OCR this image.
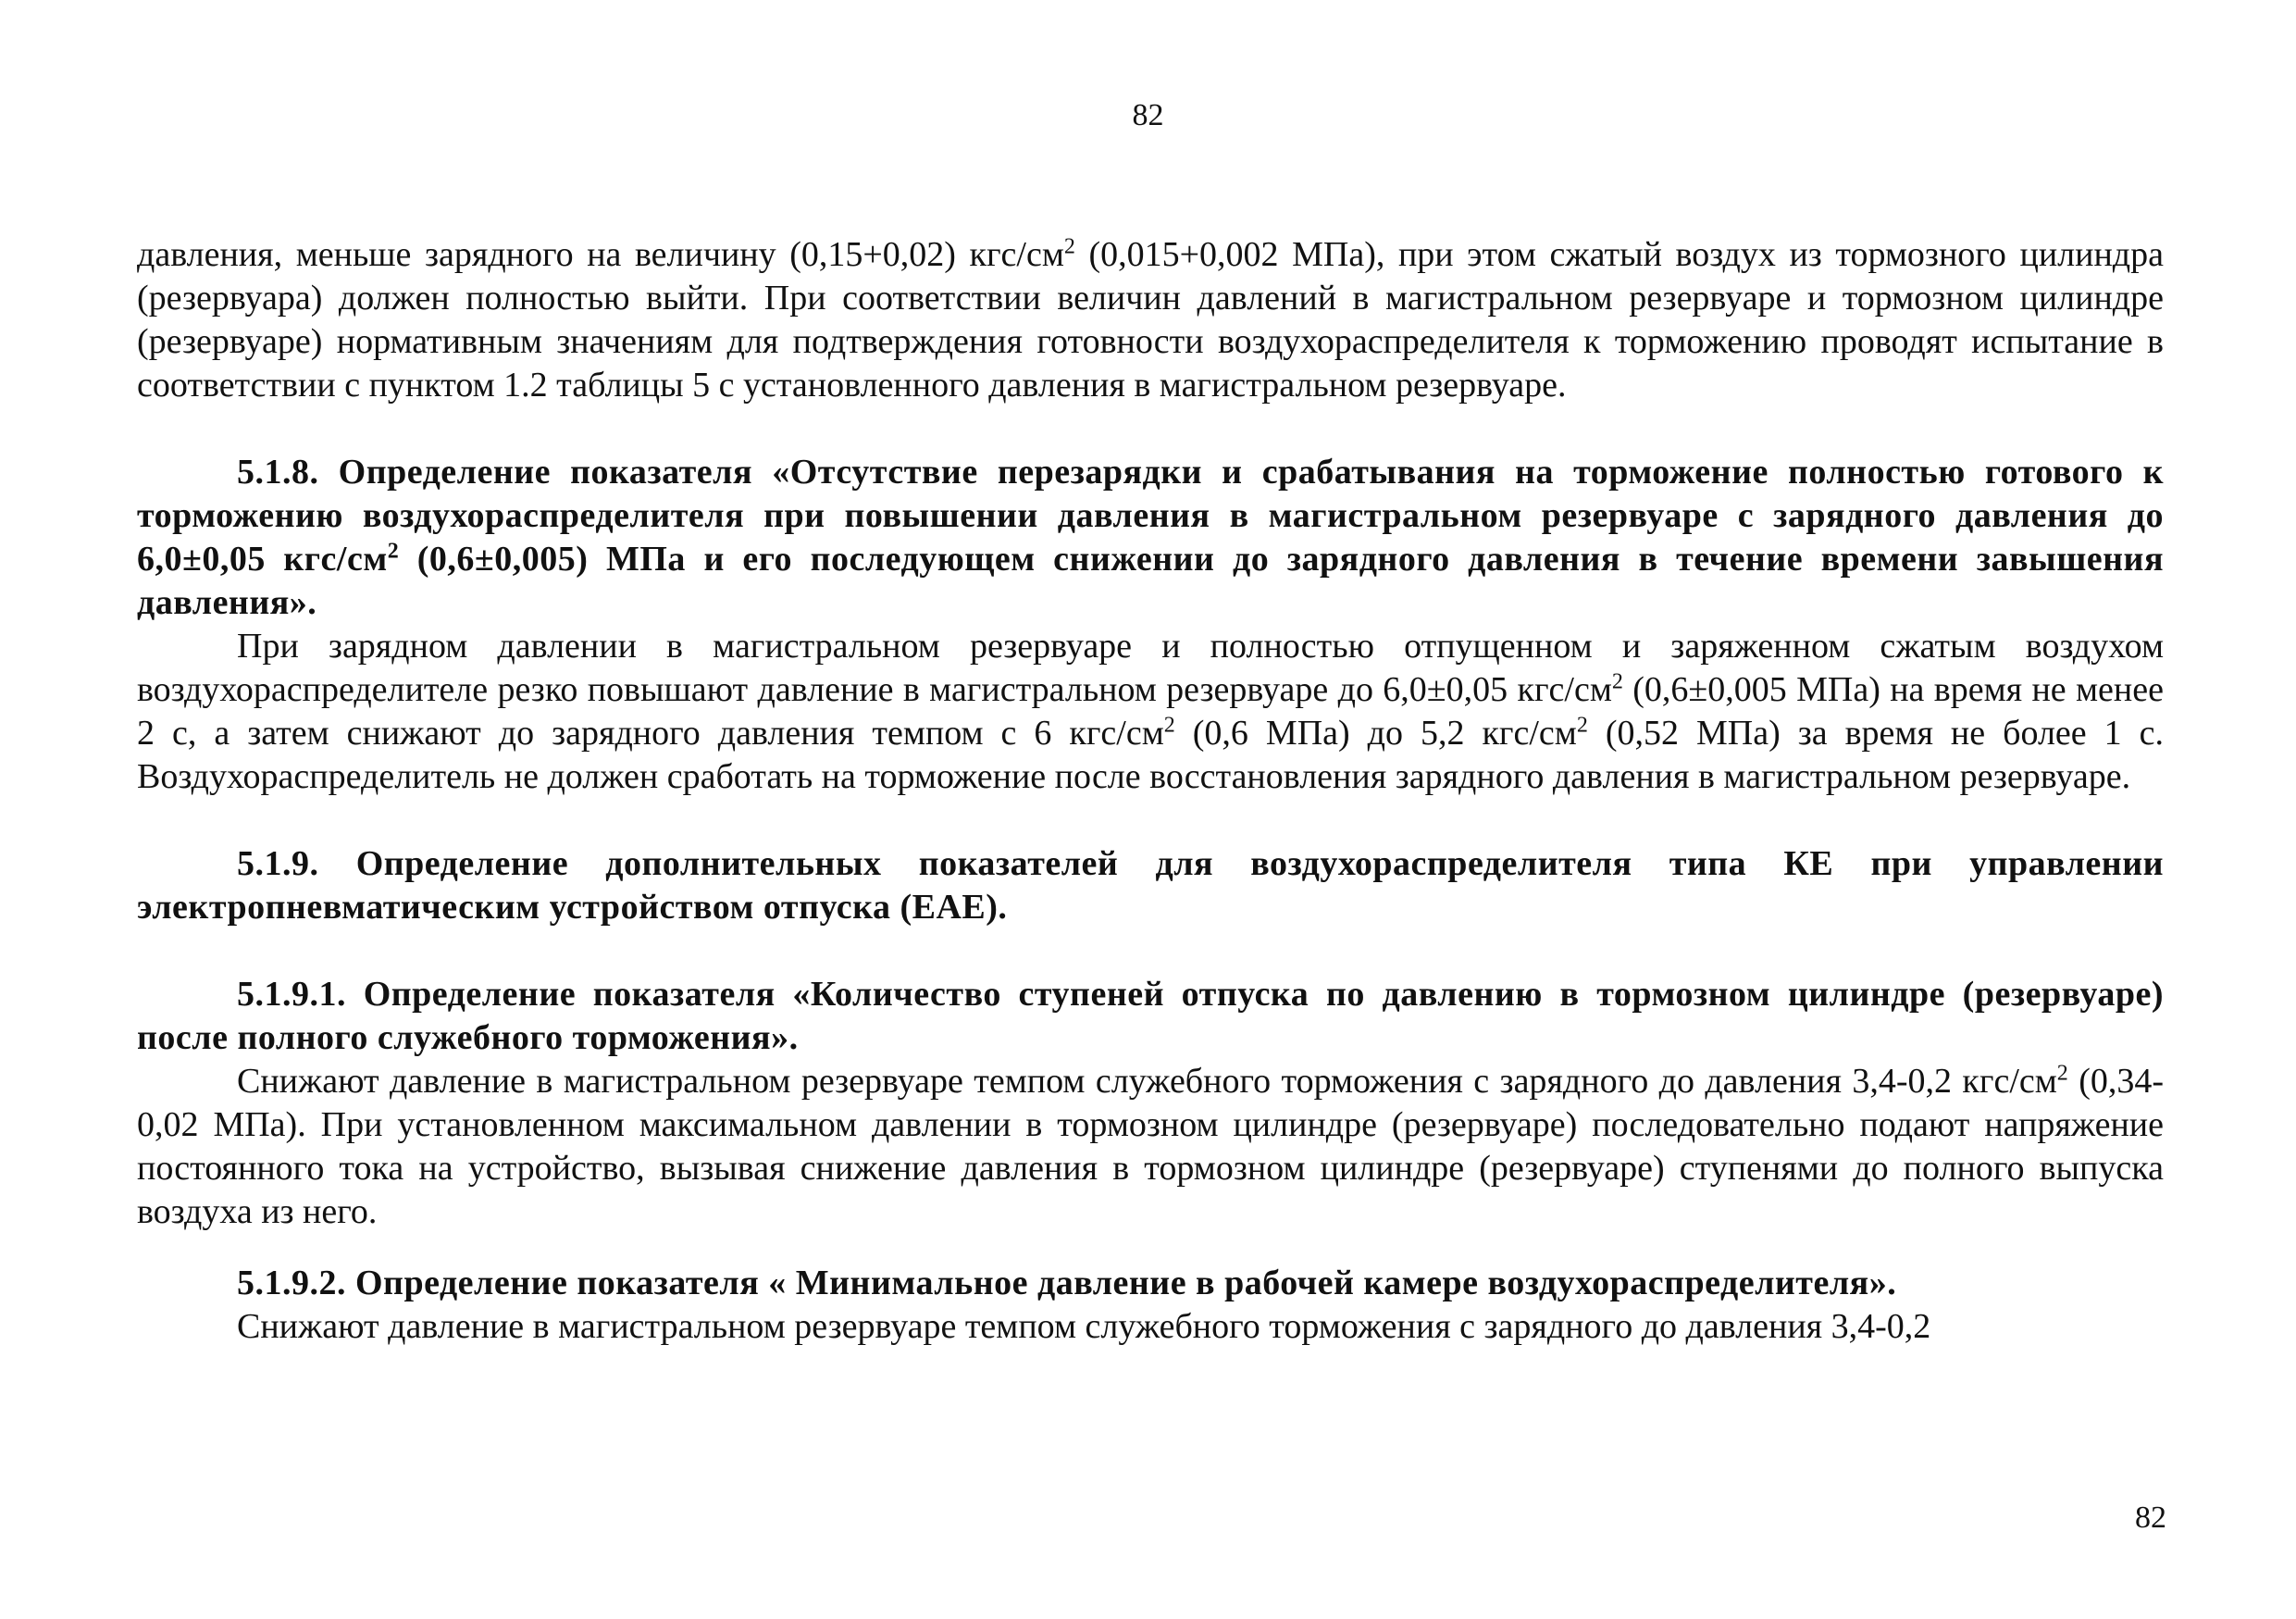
82

давления, меньше зарядного на величину (0,15+0,02) кгс/$см^2$ (0,015+0,002 МПа), при этом сжатый воздух из тормозного цилиндра (резервуара) должен полностью выйти. При соответствии величин давлений в магистральном резервуаре и тормозном цилиндре (резервуаре) нормативным значениям для подтверждения готовности воздухораспределителя к торможению проводят испытание в соответствии с пунктом 1.2 таблицы 5 с установленного давления в магистральном резервуаре.

5.1.8. Определение показателя «Отсутствие перезарядки и срабатывания на торможение полностью готового к торможению воздухораспределителя при повышении давления в магистральном резервуаре с зарядного давления до 6,0±0,05 кгс/$см^2$ (0,6±0,005) МПа и его последующем снижении до зарядного давления в течение времени завышения давления».

При зарядном давлении в магистральном резервуаре и полностью отпущенном и заряженном сжатым воздухом воздухораспределителе резко повышают давление в магистральном резервуаре до 6,0±0,05 кгс/$см^2$ (0,6±0,005 МПа) на время не менее 2 с, а затем снижают до зарядного давления темпом с 6 кгс/$см^2$ (0,6 МПа) до 5,2 кгс/$см^2$ (0,52 МПа) за время не более 1 с. Воздухораспределитель не должен сработать на торможение после восстановления зарядного давления в магистральном резервуаре.

5.1.9. Определение дополнительных показателей для воздухораспределителя типа КЕ при управлении электропневматическим устройством отпуска (ЕАЕ).

5.1.9.1. Определение показателя «Количество ступеней отпуска по давлению в тормозном цилиндре (резервуаре) после полного служебного торможения».

Снижают давление в магистральном резервуаре темпом служебного торможения с зарядного до давления 3,4-0,2 кгс/$см^2$ (0,34-0,02 МПа). При установленном максимальном давлении в тормозном цилиндре (резервуаре) последовательно подают напряжение постоянного тока на устройство, вызывая снижение давления в тормозном цилиндре (резервуаре) ступенями до полного выпуска воздуха из него.

5.1.9.2. Определение показателя « Минимальное давление в рабочей камере воздухораспределителя».

Снижают давление в магистральном резервуаре темпом служебного торможения с зарядного до давления 3,4-0,2

82
